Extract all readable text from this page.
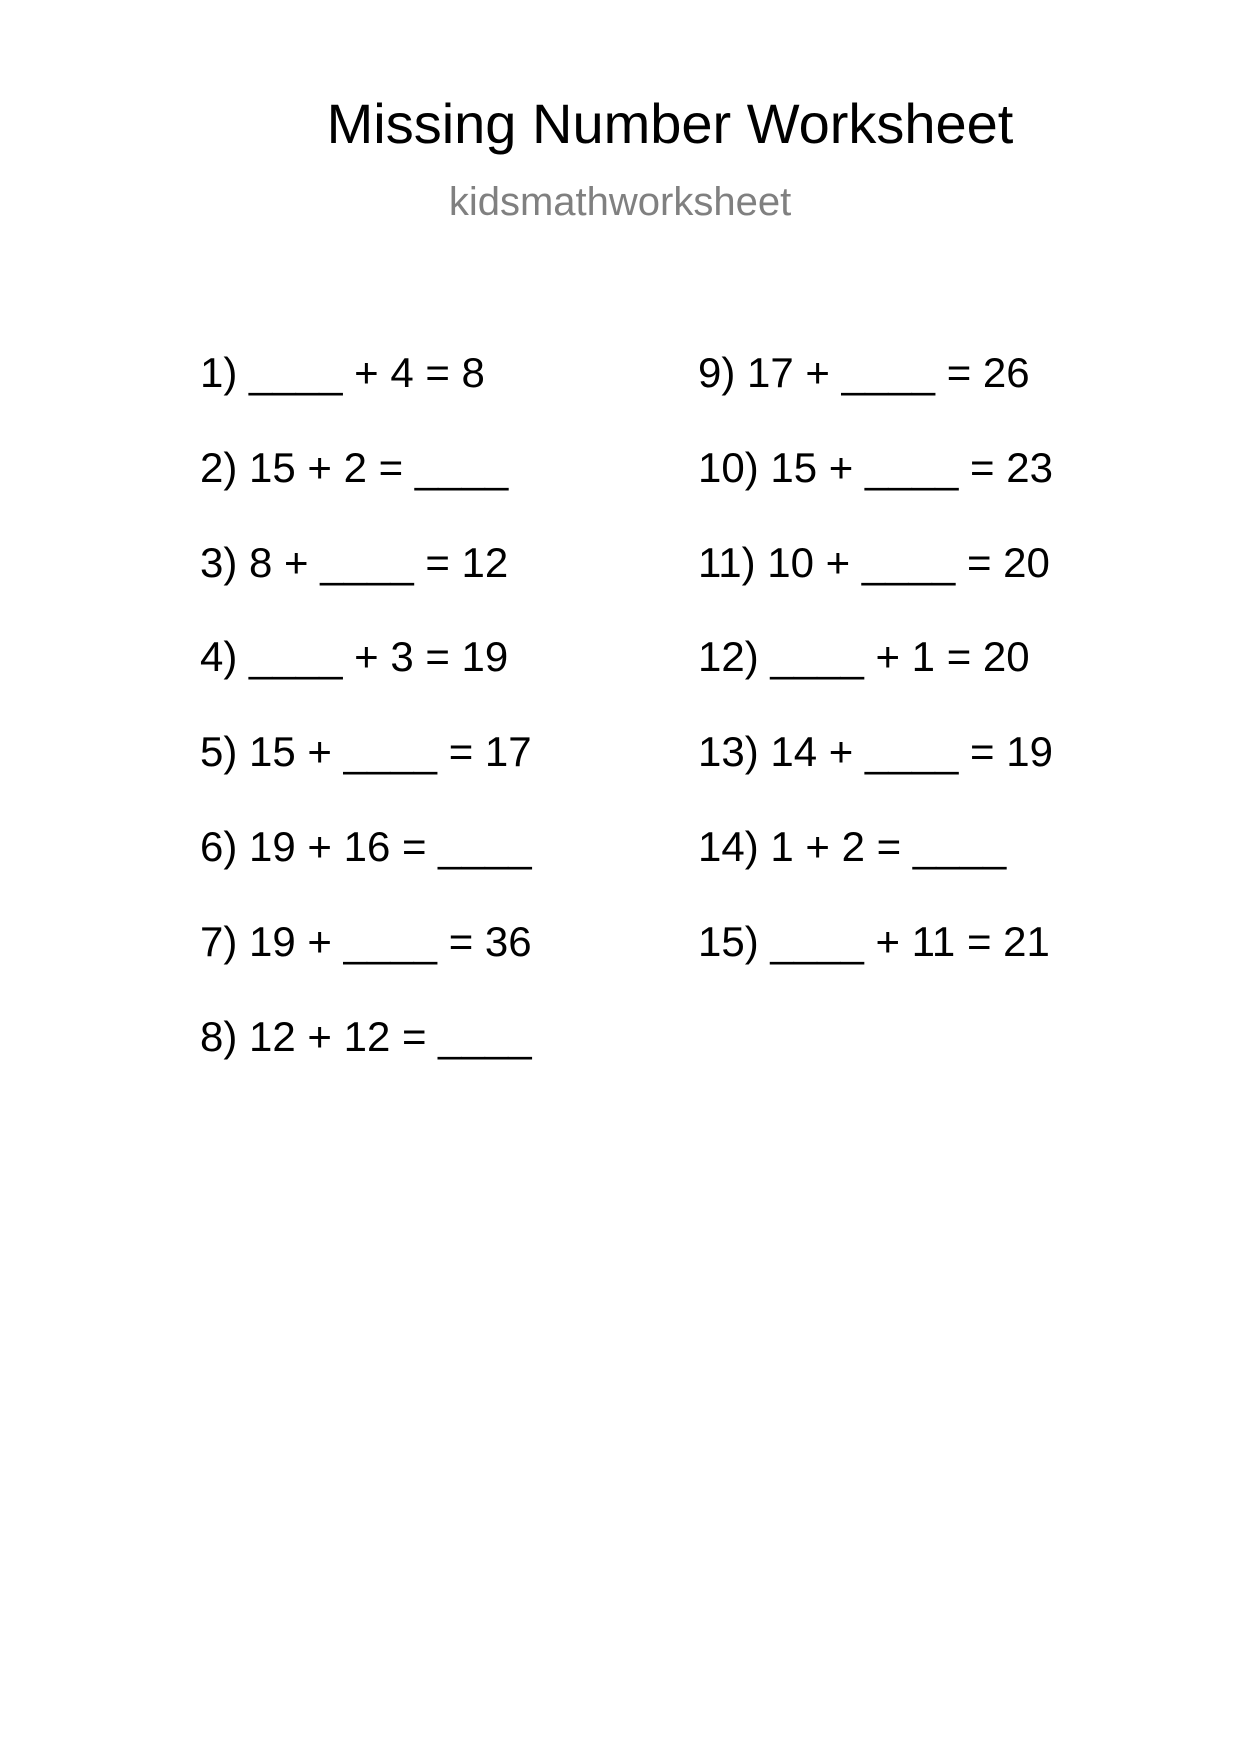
Missing Number Worksheet
kidsmathworksheet
1) ____ + 4 = 8
2) 15 + 2 = ____
3) 8 + ____ = 12
4) ____ + 3 = 19
5) 15 + ____ = 17
6) 19 + 16 = ____
7) 19 + ____ = 36
8) 12 + 12 = ____
9) 17 + ____ = 26
10) 15 + ____ = 23
11) 10 + ____ = 20
12) ____ + 1 = 20
13) 14 + ____ = 19
14) 1 + 2 = ____
15) ____ + 11 = 21
